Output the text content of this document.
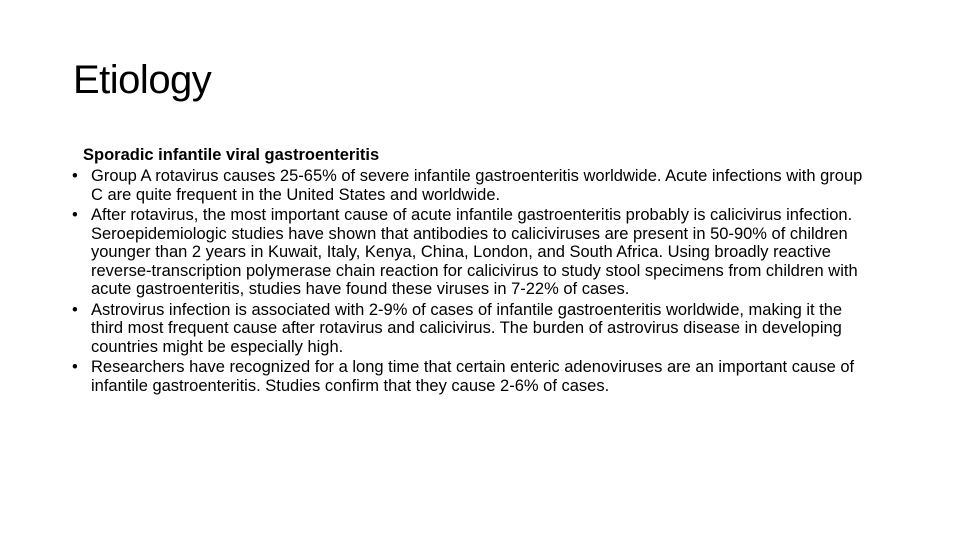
Etiology

Sporadic infantile viral gastroenteritis

• Group A rotavirus causes 25-65% of severe infantile gastroenteritis worldwide. Acute infections with group C are quite frequent in the United States and worldwide.
• After rotavirus, the most important cause of acute infantile gastroenteritis probably is calicivirus infection. Seroepidemiologic studies have shown that antibodies to caliciviruses are present in 50-90% of children younger than 2 years in Kuwait, Italy, Kenya, China, London, and South Africa. Using broadly reactive reverse-transcription polymerase chain reaction for calicivirus to study stool specimens from children with acute gastroenteritis, studies have found these viruses in 7-22% of cases.
• Astrovirus infection is associated with 2-9% of cases of infantile gastroenteritis worldwide, making it the third most frequent cause after rotavirus and calicivirus. The burden of astrovirus disease in developing countries might be especially high.
• Researchers have recognized for a long time that certain enteric adenoviruses are an important cause of infantile gastroenteritis. Studies confirm that they cause 2-6% of cases.
